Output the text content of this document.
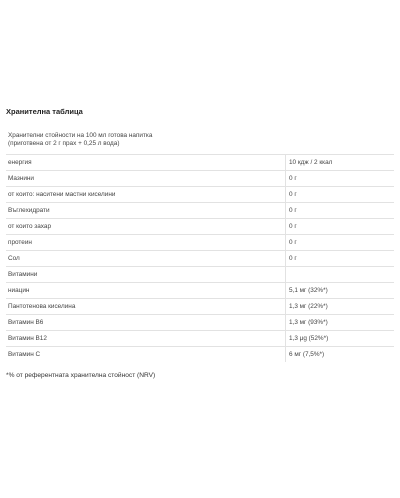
Хранителна таблица
Хранителни стойности на 100 мл готова напитка
(приготвена от 2 г прах + 0,25 л вода)	

енергия	10 кдж / 2 ккал
Мазнини	0 г
от които: наситени мастни киселини	0 г
Въглехидрати	0 г
от които захар	0 г
протеин	0 г
Сол	0 г
Витамини	
ниацин	5,1 мг (32%*)
Пантотенова киселина	1,3 мг (22%*)
Витамин В6	1,3 мг (93%*)
Витамин В12	1,3 μg (52%*)
Витамин С	6 мг (7,5%*)
*% от референтната хранителна стойност (NRV)
